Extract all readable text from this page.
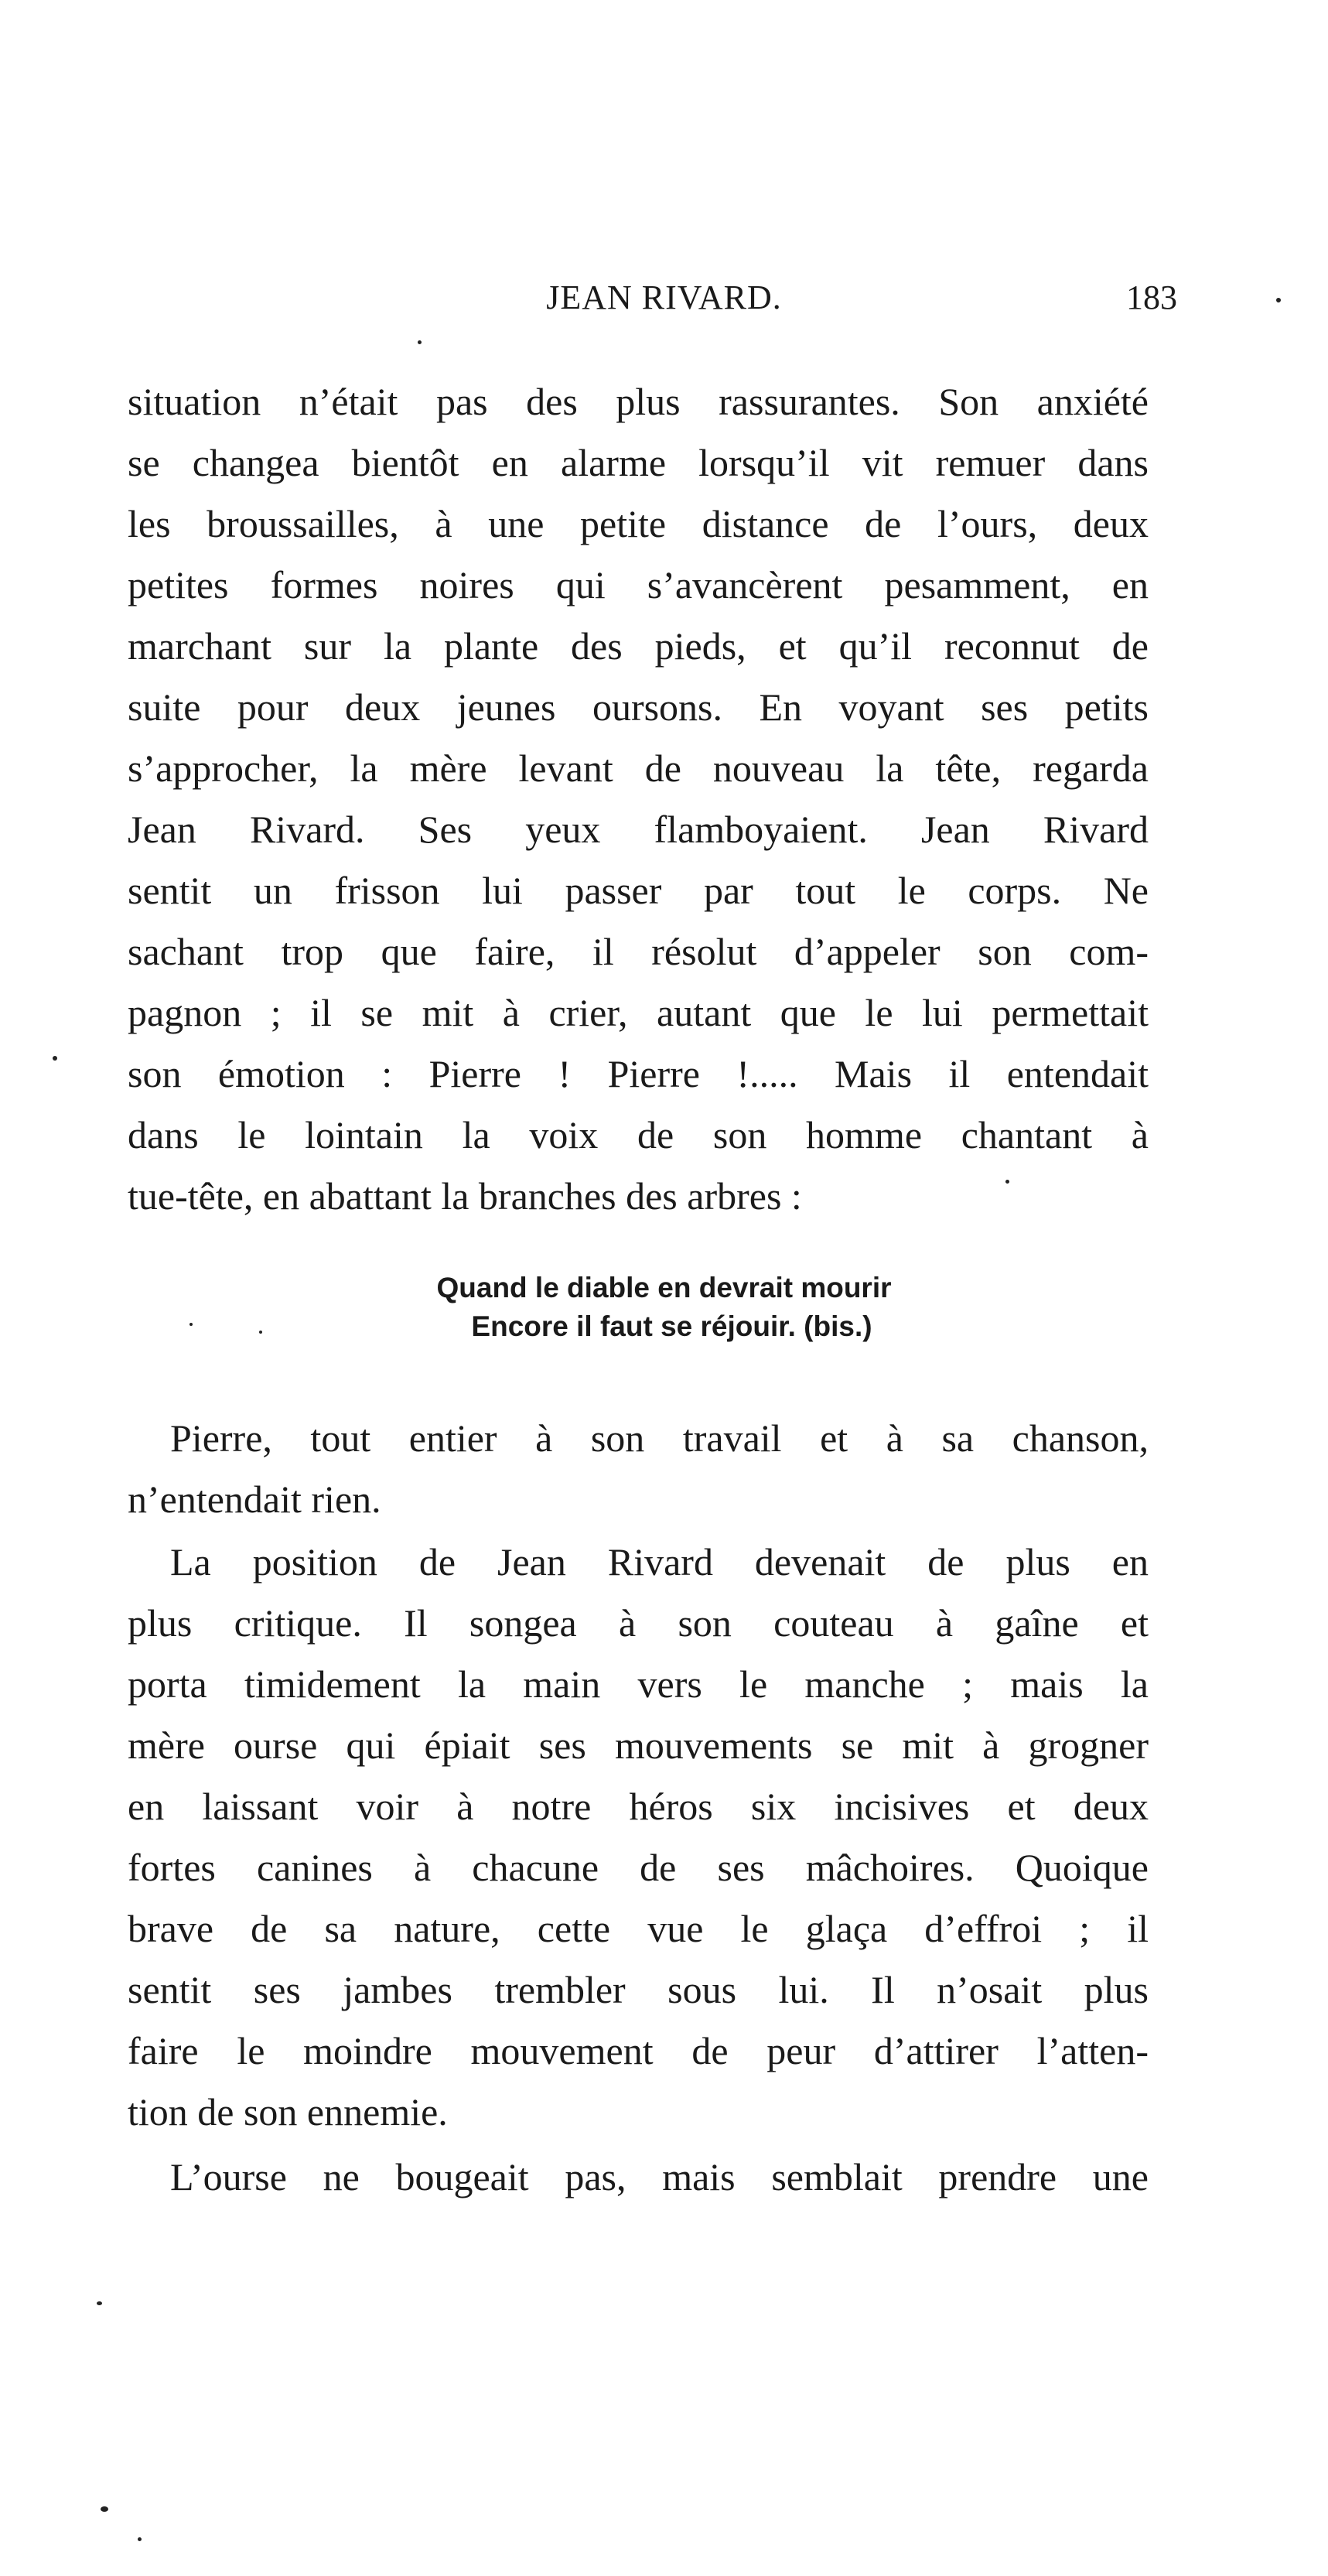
JEAN RIVARD.	183
situation n’était pas des plus rassurantes. Son anxiété
se changea bientôt en alarme lorsqu’il vit remuer dans
les broussailles, à une petite distance de l’ours, deux
petites formes noires qui s’avancèrent pesamment, en
marchant sur la plante des pieds, et qu’il reconnut de
suite pour deux jeunes oursons. En voyant ses petits
s’approcher, la mère levant de nouveau la tête, regarda
Jean Rivard. Ses yeux flamboyaient. Jean Rivard
sentit un frisson lui passer par tout le corps. Ne
sachant trop que faire, il résolut d’appeler son com-
pagnon ; il se mit à crier, autant que le lui permettait
son émotion : Pierre ! Pierre !..... Mais il entendait
dans le lointain la voix de son homme chantant à
tue-tête, en abattant la branches des arbres :
Quand le diable en devrait mourir
Encore il faut se réjouir. (bis.)
Pierre, tout entier à son travail et à sa chanson,
n’entendait rien.
La position de Jean Rivard devenait de plus en
plus critique. Il songea à son couteau à gaîne et
porta timidement la main vers le manche ; mais la
mère ourse qui épiait ses mouvements se mit à grogner
en laissant voir à notre héros six incisives et deux
fortes canines à chacune de ses mâchoires. Quoique
brave de sa nature, cette vue le glaça d’effroi ; il
sentit ses jambes trembler sous lui. Il n’osait plus
faire le moindre mouvement de peur d’attirer l’atten-
tion de son ennemie.
L’ourse ne bougeait pas, mais semblait prendre une
